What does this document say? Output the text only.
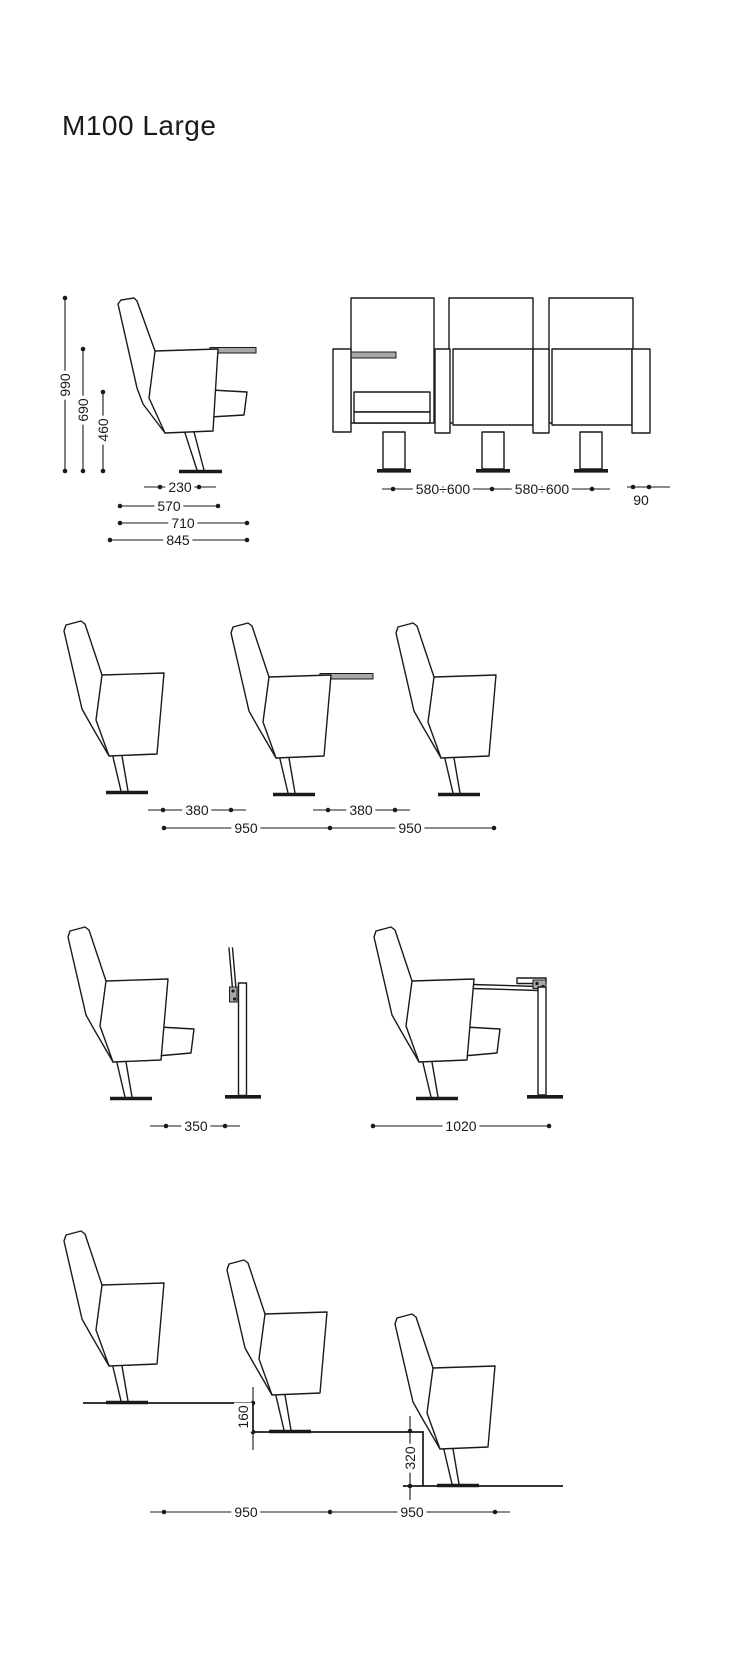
M100 Large
990
690
460
230
570
710
845
580÷600	580÷600
90
380	380
950	950
350	1020
160
320
950	950
